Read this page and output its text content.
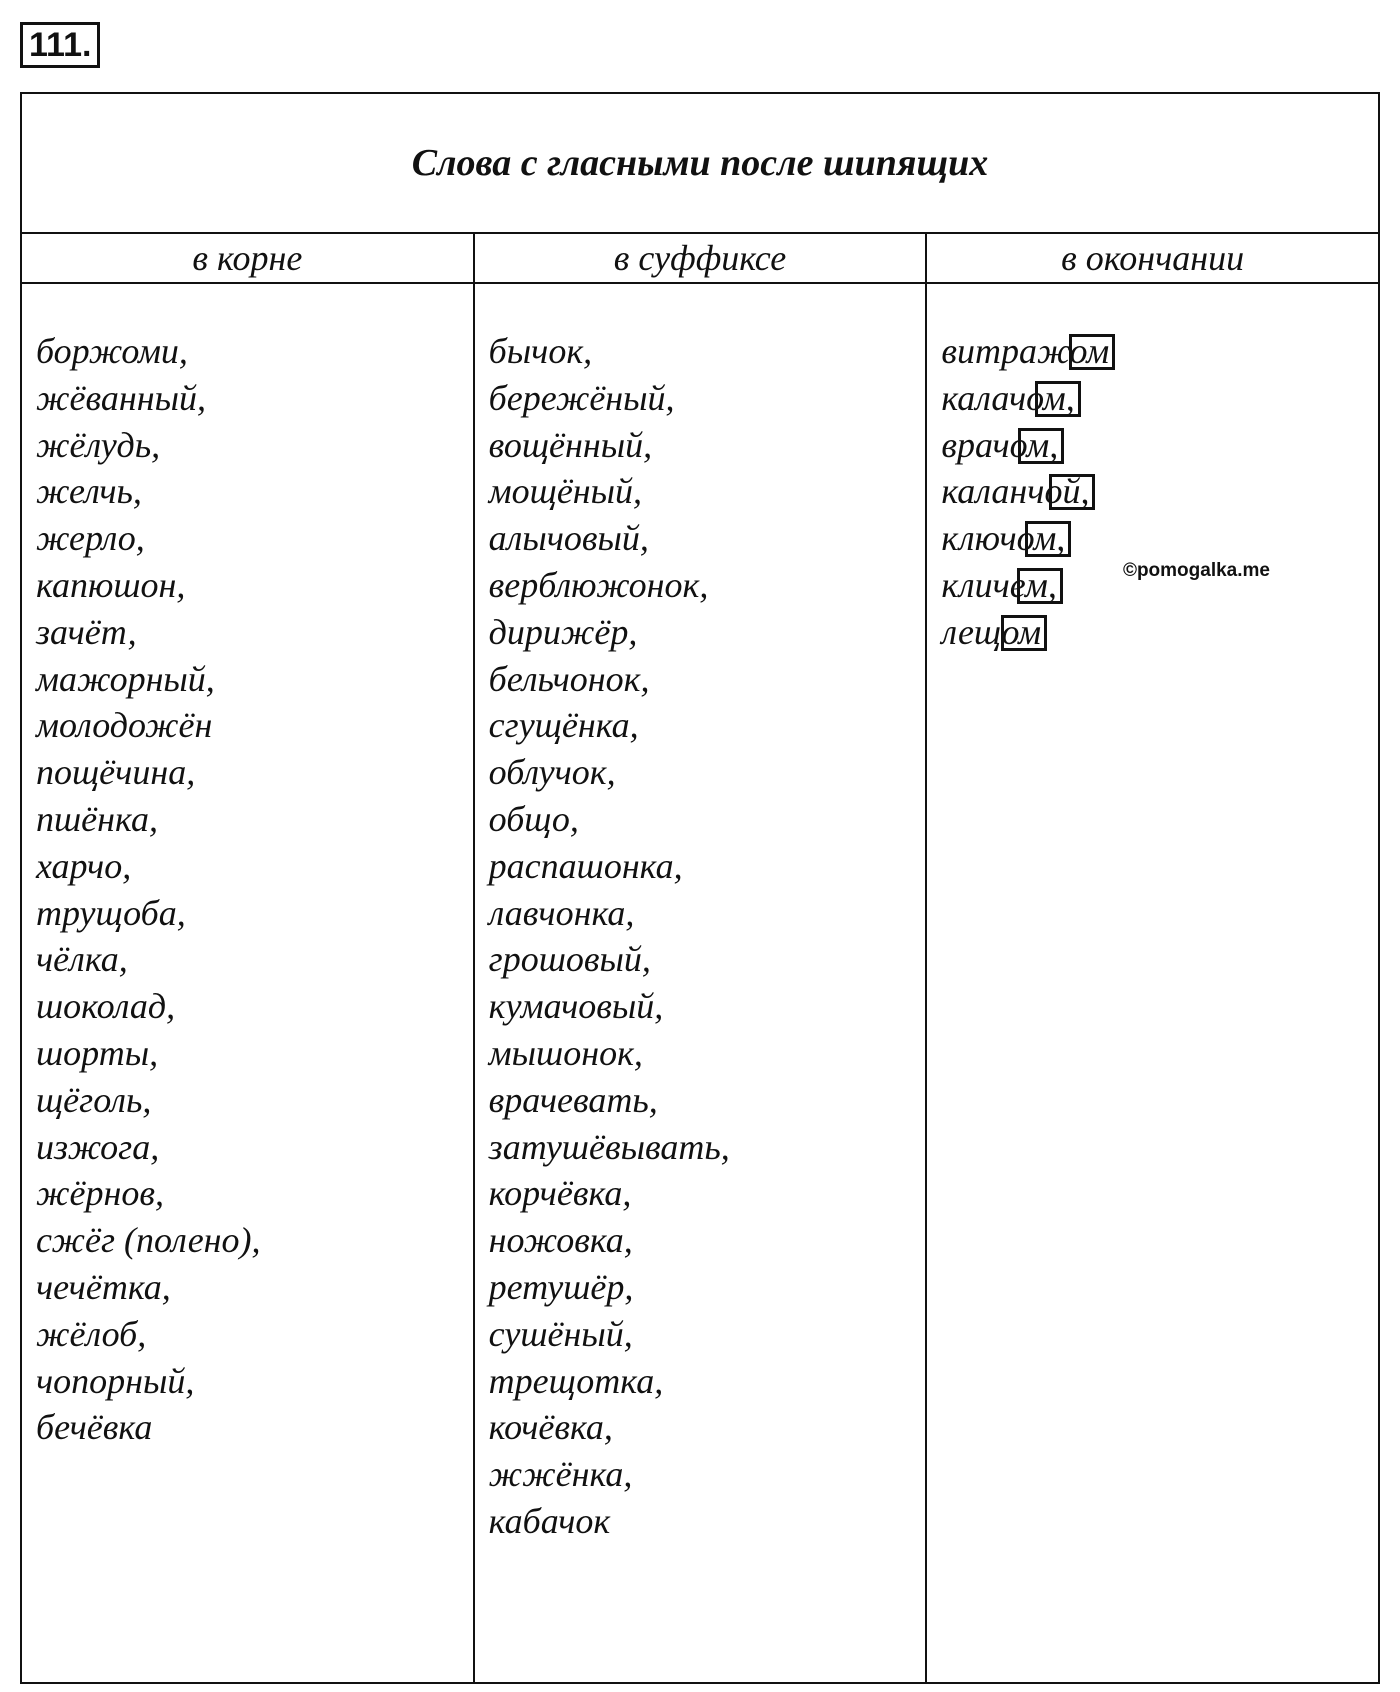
111.
Слова с гласными после шипящих
в корне	в суффиксе	в окончании
боржоми,
жёванный,
жёлудь,
желчь,
жерло,
капюшон,
зачёт,
мажорный,
молодожён
пощёчина,
пшёнка,
харчо,
трущоба,
чёлка,
шоколад,
шорты,
щёголь,
изжога,
жёрнов,
сжёг (полено),
чечётка,
жёлоб,
чопорный,
бечёвка
бычок,
бережёный,
вощённый,
мощёный,
алычовый,
верблюжонок,
дирижёр,
бельчонок,
сгущёнка,
облучок,
общо,
распашонка,
лавчонка,
грошовый,
кумачовый,
мышонок,
врачевать,
затушёвывать,
корчёвка,
ножовка,
ретушёр,
сушёный,
трещотка,
кочёвка,
жжёнка,
кабачок
витражом
калачом,
врачом,
каланчой,
ключом,
кличем,
лещом
©pomogalka.me
